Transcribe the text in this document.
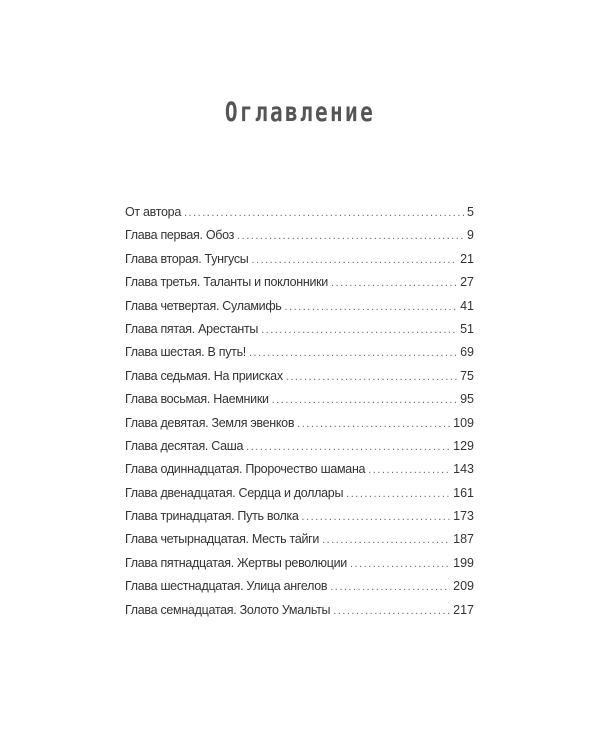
Оглавление
От автора .....	5
Глава первая. Обоз .....	9
Глава вторая. Тунгусы .....	21
Глава третья. Таланты и поклонники .....	27
Глава четвертая. Суламифь .....	41
Глава пятая. Арестанты .....	51
Глава шестая. В путь! .....	69
Глава седьмая. На приисках .....	75
Глава восьмая. Наемники .....	95
Глава девятая. Земля эвенков .....	109
Глава десятая. Саша .....	129
Глава одиннадцатая. Пророчество шамана .....	143
Глава двенадцатая. Сердца и доллары .....	161
Глава тринадцатая. Путь волка .....	173
Глава четырнадцатая. Месть тайги .....	187
Глава пятнадцатая. Жертвы революции .....	199
Глава шестнадцатая. Улица ангелов .....	209
Глава семнадцатая. Золото Умальты .....	217
